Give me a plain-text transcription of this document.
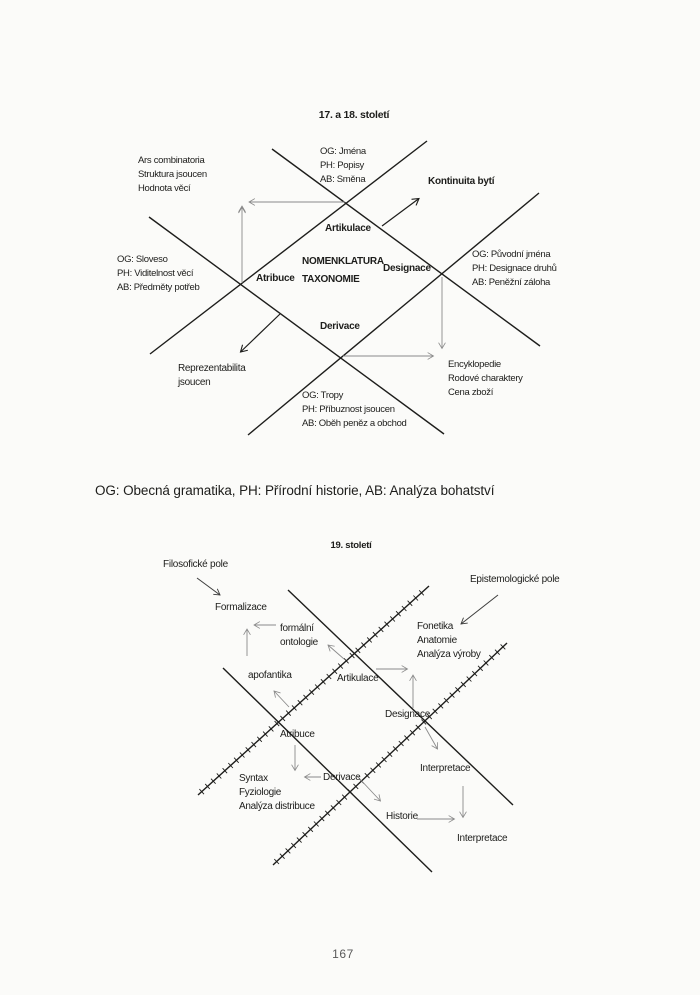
17. a 18. století
Ars combinatoria
Struktura jsoucen
Hodnota věcí
OG: Jména
PH: Popisy
AB: Směna	Kontinuita bytí
Artikulace
OG: Sloveso
PH: Viditelnost věcí
AB: Předměty potřeb
Atribuce
NOMENKLATURA
TAXONOMIE
Designace
OG: Původní jména
PH: Designace druhů
AB: Peněžní záloha
Derivace
Reprezentabilita
jsoucen
OG: Tropy
PH: Příbuznost jsoucen
AB: Oběh peněz a obchod
Encyklopedie
Rodové charaktery
Cena zboží
OG: Obecná gramatika, PH: Přírodní historie, AB: Analýza bohatství
19. století
Filosofické pole
Epistemologické pole
Formalizace
formální
ontologie
Fonetika
Anatomie
Analýza výroby
apofantika	Artikulace
Designace
Atribuce
Interpretace
Syntax
Fyziologie
Analýza distribuce
Derivace
Historie
Interpretace
167
